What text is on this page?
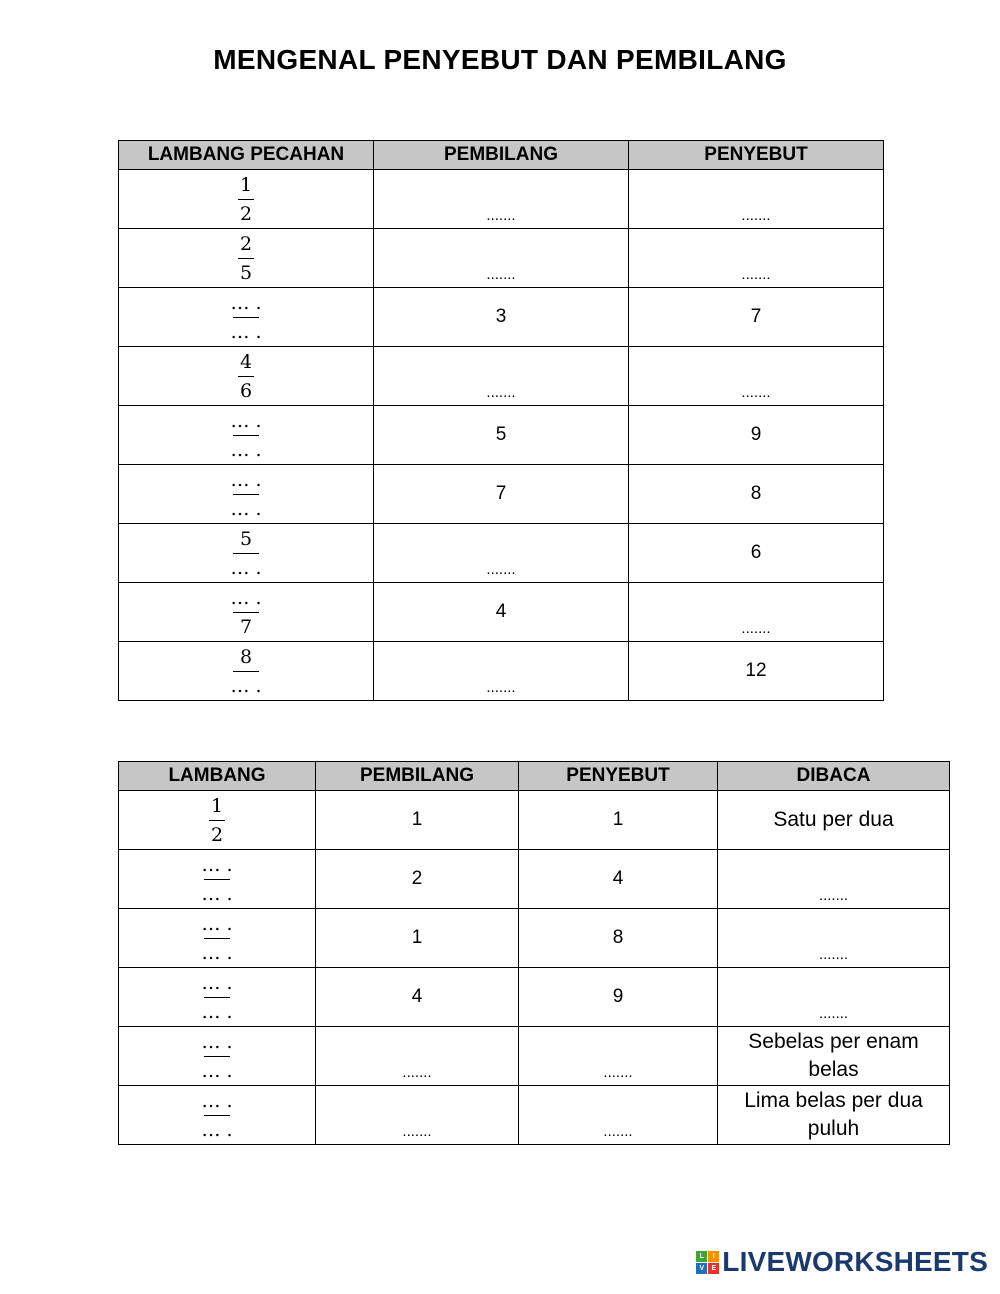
MENGENAL PENYEBUT DAN PEMBILANG
LAMBANG PECAHAN	PEMBILANG	PENYEBUT

$\frac{1}{2}$	.......	.......

$\frac{2}{5}$	.......	.......

$\frac{\dots .}{\dots .}$	3	7

$\frac{4}{6}$	.......	.......

$\frac{\dots .}{\dots .}$	5	9

$\frac{\dots .}{\dots .}$	7	8

$\frac{5}{\dots .}$	.......	6

$\frac{\dots .}{7}$	4	.......

$\frac{8}{\dots .}$	.......	12
LAMBANG	PEMBILANG	PENYEBUT	DIBACA

$\frac{1}{2}$	1	1	Satu per dua

$\frac{\dots .}{\dots .}$	2	4	.......

$\frac{\dots .}{\dots .}$	1	8	.......

$\frac{\dots .}{\dots .}$	4	9	.......

$\frac{\dots .}{\dots .}$	.......	.......	Sebelas per enam belas

$\frac{\dots .}{\dots .}$	.......	.......	Lima belas per dua puluh
L	I
V	E LIVEWORKSHEETS
